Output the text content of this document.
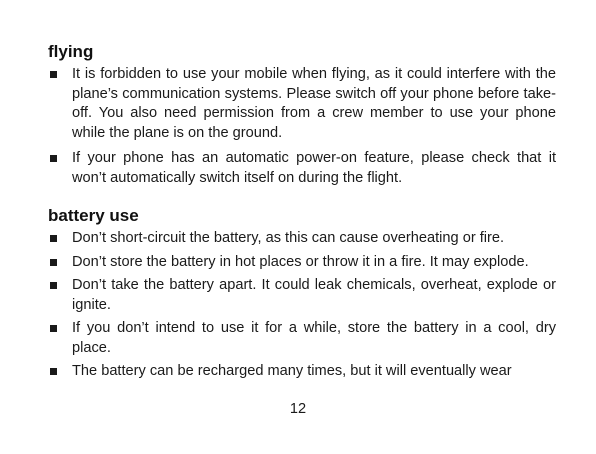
flying
It is forbidden to use your mobile when flying, as it could interfere with the plane’s communication systems. Please switch off your phone before take-off. You also need permission from a crew member to use your phone while the plane is on the ground.
If your phone has an automatic power-on feature, please check that it won’t automatically switch itself on during the flight.
battery use
Don’t short-circuit the battery, as this can cause overheating or fire.
Don’t store the battery in hot places or throw it in a fire. It may explode.
Don’t take the battery apart. It could leak chemicals, overheat, explode or ignite.
If you don’t intend to use it for a while, store the battery in a cool, dry place.
The battery can be recharged many times, but it will eventually wear
12
